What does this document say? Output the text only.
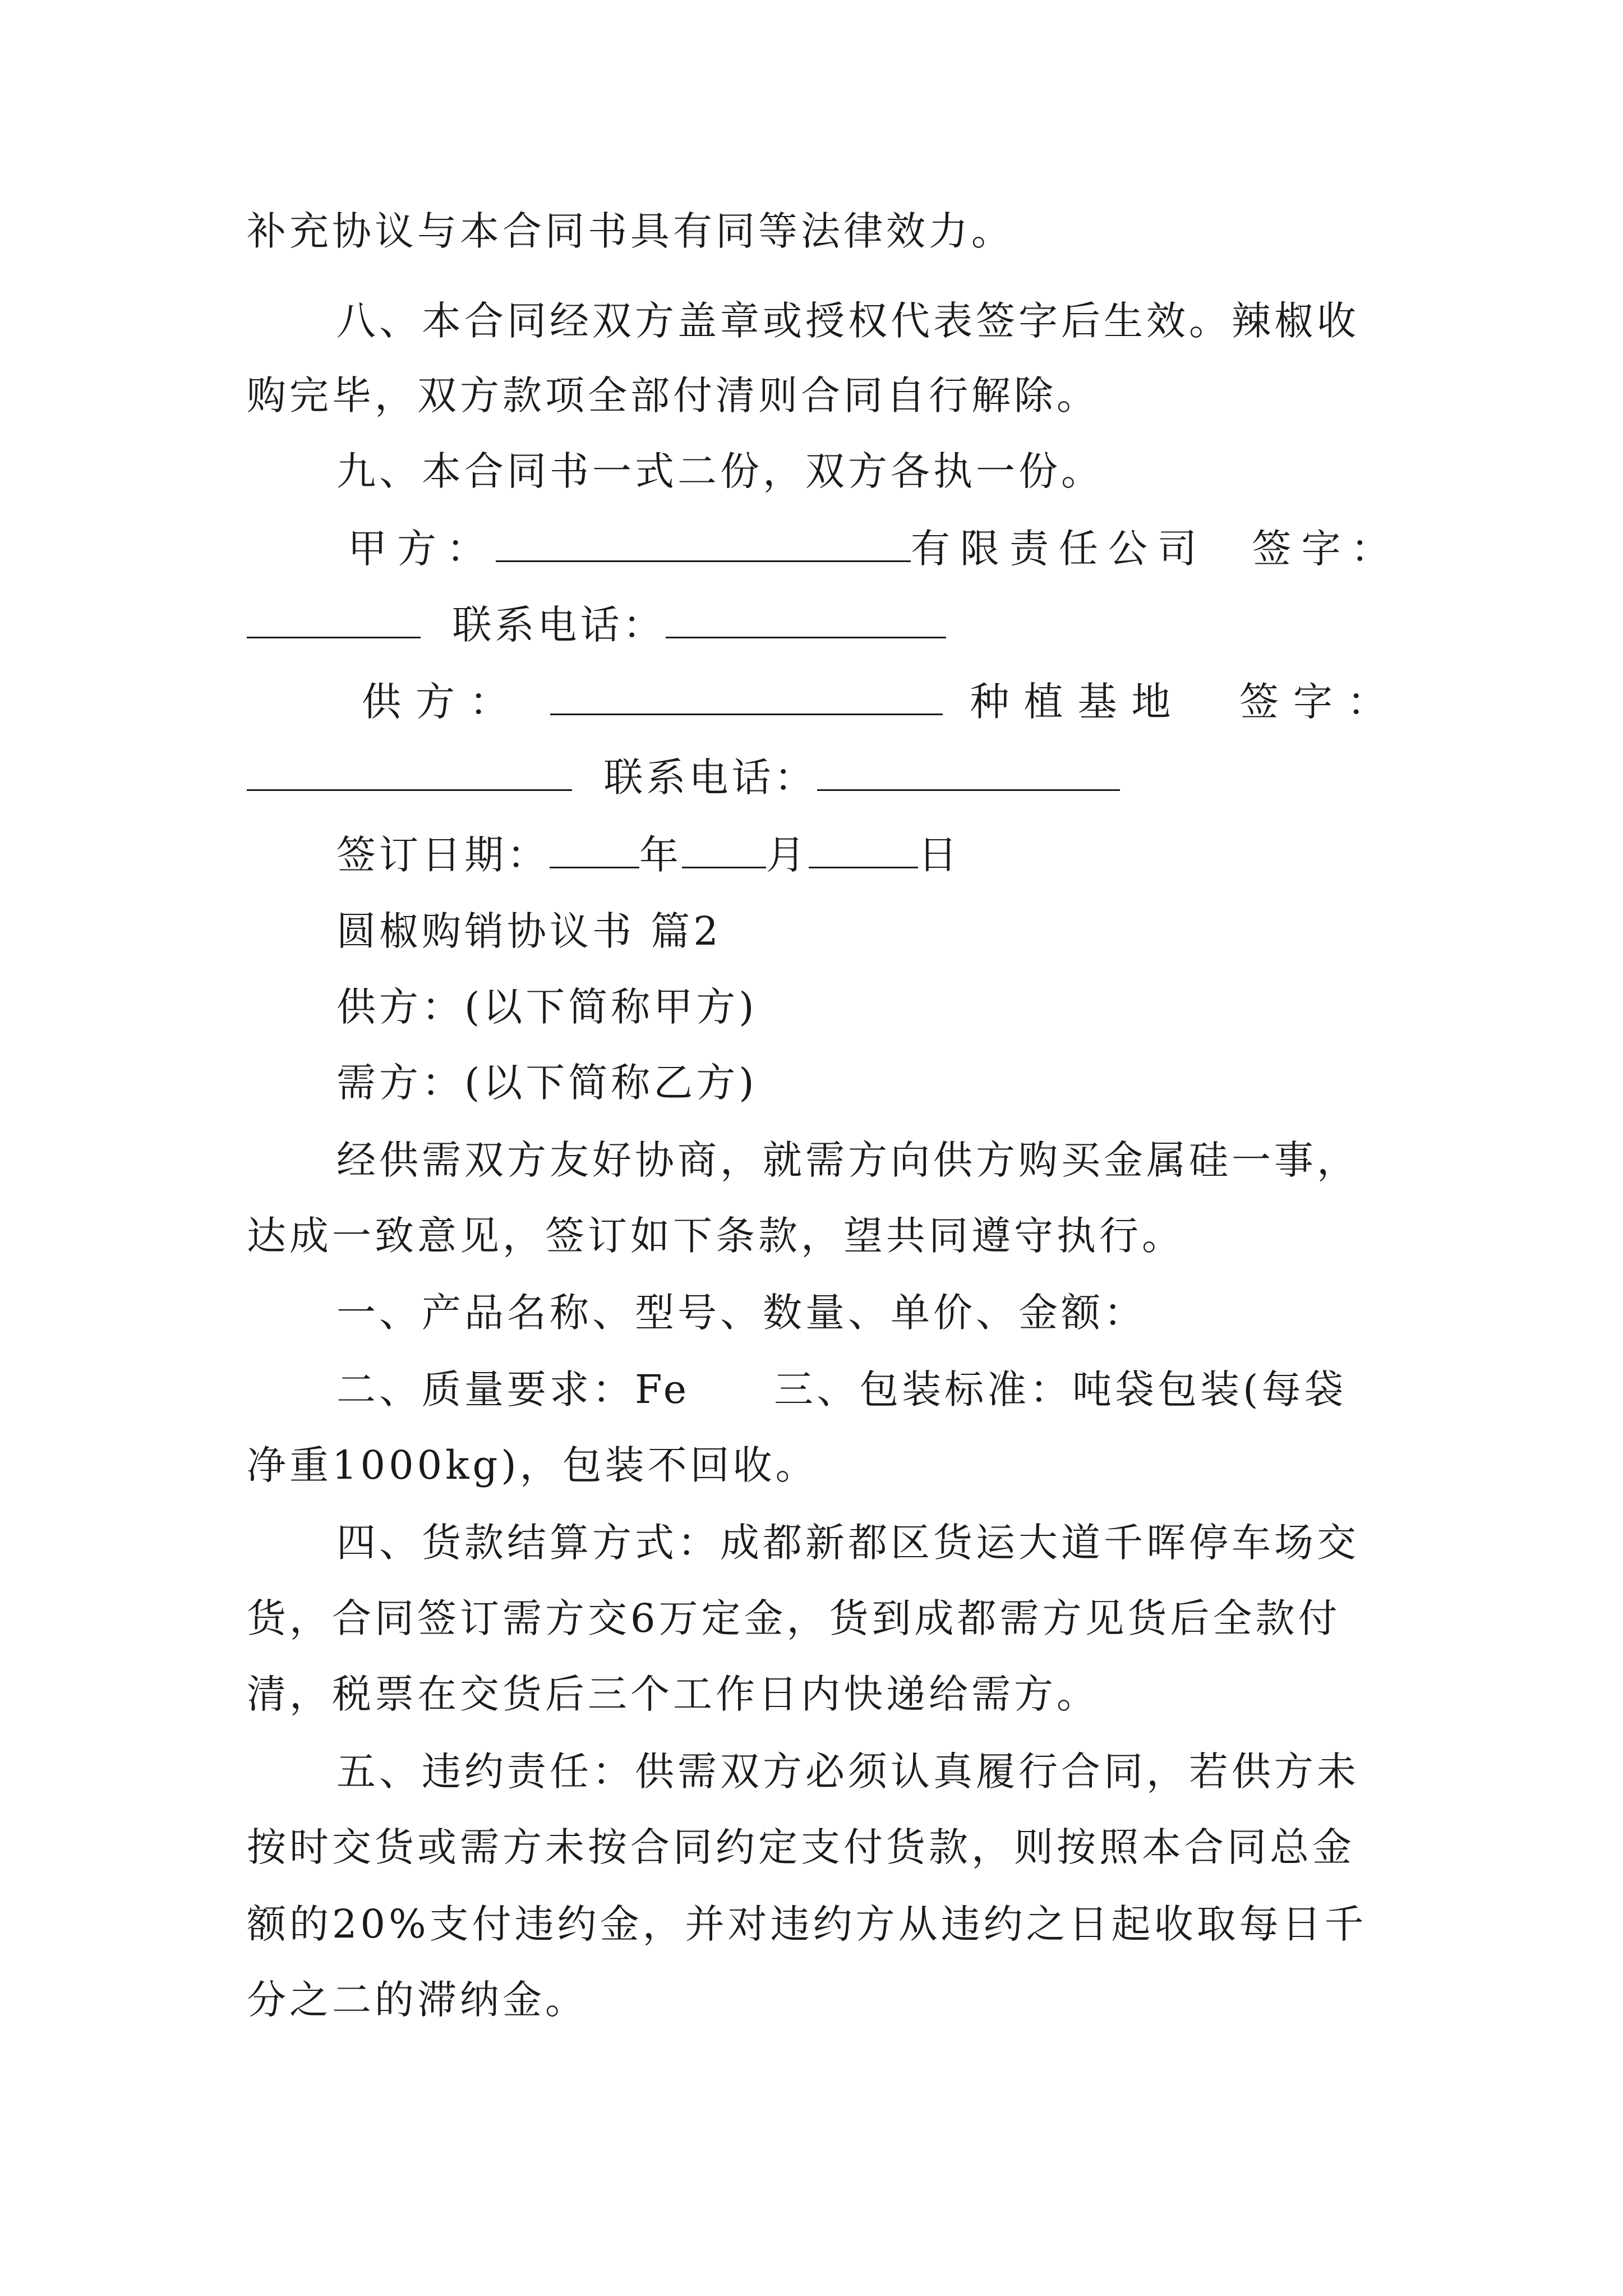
补充协议与本合同书具有同等法律效力。
八、本合同经双方盖章或授权代表签字后生效。辣椒收
购完毕，双方款项全部付清则合同自行解除。
九、本合同书一式二份，双方各执一份。
甲方：	有限责任公司 签字：
联系电话：
供方：	种植基地 签字：
联系电话：
签订日期： 年 月	日
圆椒购销协议书 篇2
供方：(以下简称甲方)
需方：(以下简称乙方)
经供需双方友好协商，就需方向供方购买金属硅一事，
达成一致意见，签订如下条款，望共同遵守执行。
一、产品名称、型号、数量、单价、金额：
二、质量要求：Fe 三、包装标准：吨袋包装(每袋
净重1000kg)，包装不回收。
四、货款结算方式：成都新都区货运大道千晖停车场交
货，合同签订需方交6万定金，货到成都需方见货后全款付
清，税票在交货后三个工作日内快递给需方。
五、违约责任：供需双方必须认真履行合同，若供方未
按时交货或需方未按合同约定支付货款，则按照本合同总金
额的20%支付违约金，并对违约方从违约之日起收取每日千
分之二的滞纳金。
